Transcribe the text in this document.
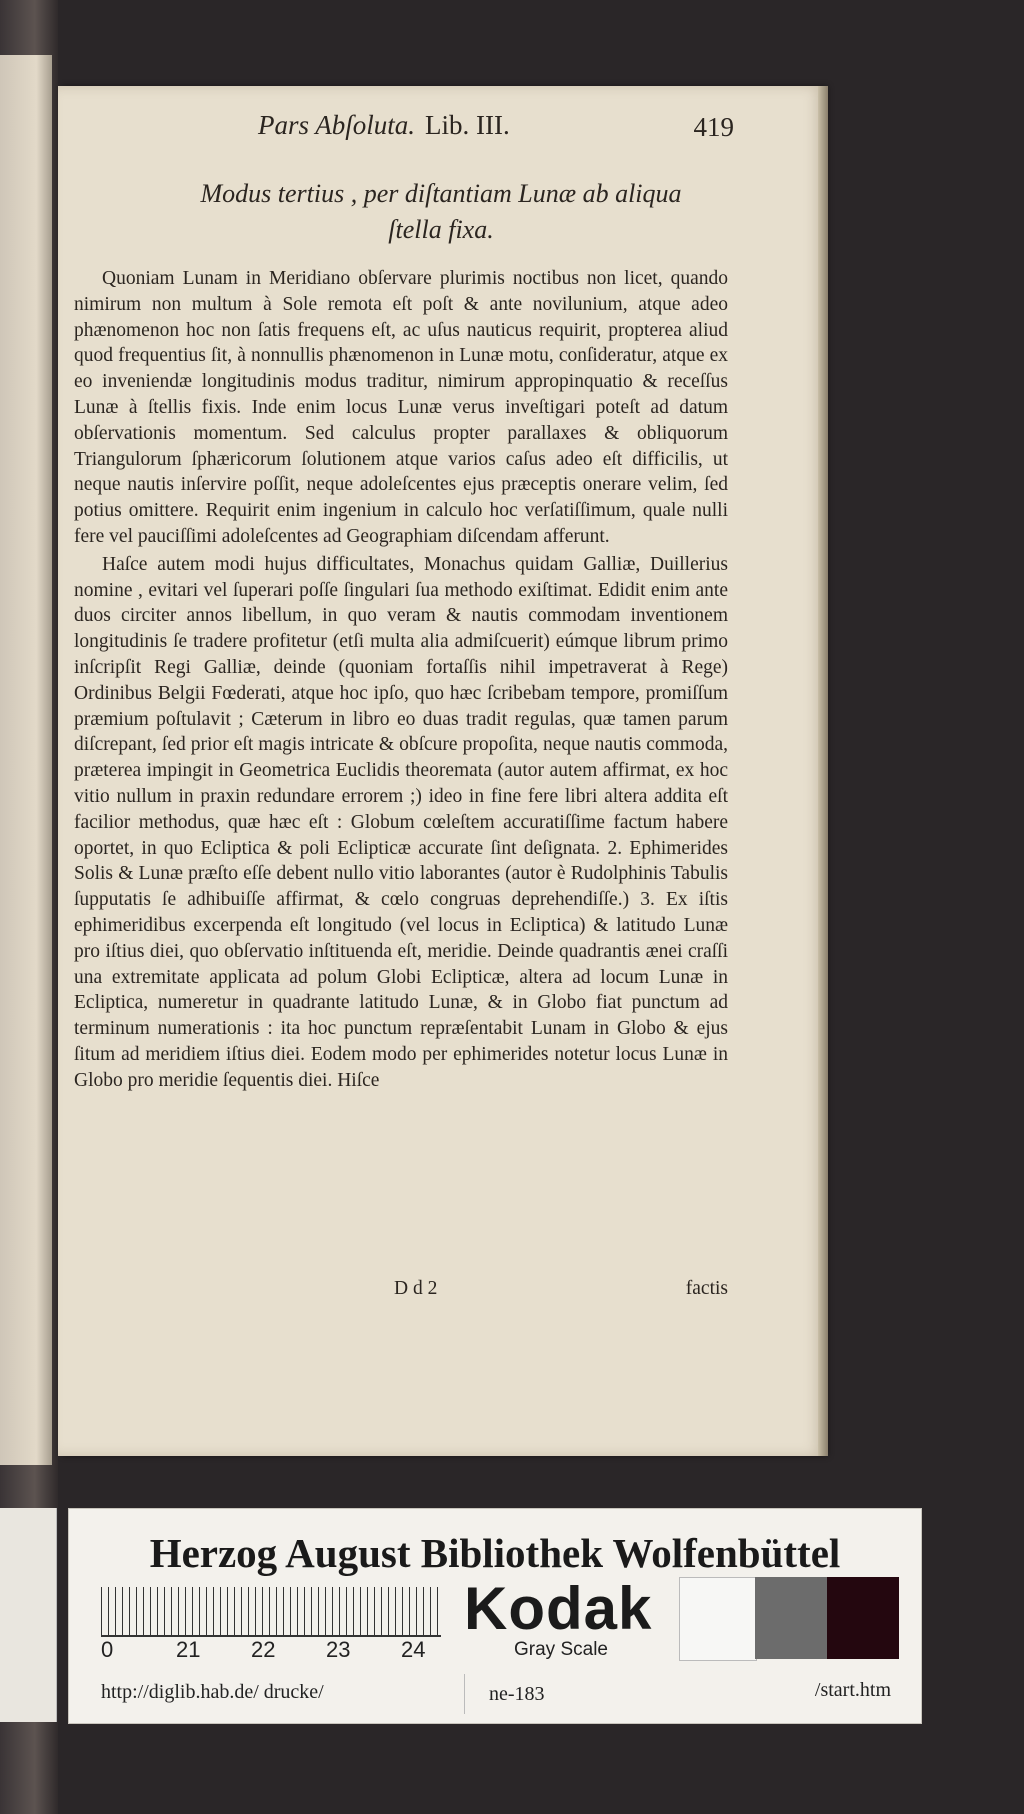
Pars Abſoluta. Lib. III.	419
Modus tertius , per diſtantiam Lunæ ab aliqua
ſtella fixa.

Quoniam Lunam in Meridiano obſervare plurimis noctibus non licet, quando nimirum non multum à Sole remota eſt poſt & ante novilunium, atque adeo phænomenon hoc non ſatis frequens eſt, ac uſus nauticus requirit, propterea aliud quod frequentius ſit, à nonnullis phænomenon in Lunæ motu, conſideratur, atque ex eo inveniendæ longitudinis modus traditur, nimirum appropinquatio & receſſus Lunæ à ſtellis fixis. Inde enim locus Lunæ verus inveſtigari poteſt ad datum obſervationis momentum. Sed calculus propter parallaxes & obliquorum Triangulorum ſphæricorum ſolutionem atque varios caſus adeo eſt difficilis, ut neque nautis inſervire poſſit, neque adoleſcentes ejus præceptis onerare velim, ſed potius omittere. Requirit enim ingenium in calculo hoc verſatiſſimum, quale nulli fere vel pauciſſimi adoleſcentes ad Geographiam diſcendam afferunt.

Haſce autem modi hujus difficultates, Monachus quidam Galliæ, Duillerius nomine , evitari vel ſuperari poſſe ſingulari ſua methodo exiſtimat. Edidit enim ante duos circiter annos libellum, in quo veram & nautis commodam inventionem longitudinis ſe tradere profitetur (etſi multa alia admiſcuerit) eúmque librum primo inſcripſit Regi Galliæ, deinde (quoniam fortaſſis nihil impetraverat à Rege) Ordinibus Belgii Fœderati, atque hoc ipſo, quo hæc ſcribebam tempore, promiſſum præmium poſtulavit ; Cæterum in libro eo duas tradit regulas, quæ tamen parum diſcrepant, ſed prior eſt magis intricate & obſcure propoſita, neque nautis commoda, præterea impingit in Geometrica Euclidis theoremata (autor autem affirmat, ex hoc vitio nullum in praxin redundare errorem ;) ideo in fine fere libri altera addita eſt facilior methodus, quæ hæc eſt : Globum cœleſtem accuratiſſime factum habere oportet, in quo Ecliptica & poli Eclipticæ accurate ſint deſignata. 2. Ephimerides Solis & Lunæ præſto eſſe debent nullo vitio laborantes (autor è Rudolphinis Tabulis ſupputatis ſe adhibuiſſe affirmat, & cœlo congruas deprehendiſſe.) 3. Ex iſtis ephimeridibus excerpenda eſt longitudo (vel locus in Ecliptica) & latitudo Lunæ pro iſtius diei, quo obſervatio inſtituenda eſt, meridie. Deinde quadrantis ænei craſſi una extremitate applicata ad polum Globi Eclipticæ, altera ad locum Lunæ in Ecliptica, numeretur in quadrante latitudo Lunæ, & in Globo fiat punctum ad terminum numerationis : ita hoc punctum repræſentabit Lunam in Globo & ejus ſitum ad meridiem iſtius diei. Eodem modo per ephimerides notetur locus Lunæ in Globo pro meridie ſequentis diei. Hiſce

D d 2	factis
Herzog August Bibliothek Wolfenbüttel
0	21 22 23 24
Kodak
Gray Scale
http://diglib.hab.de/ drucke/	ne-183	/start.htm
